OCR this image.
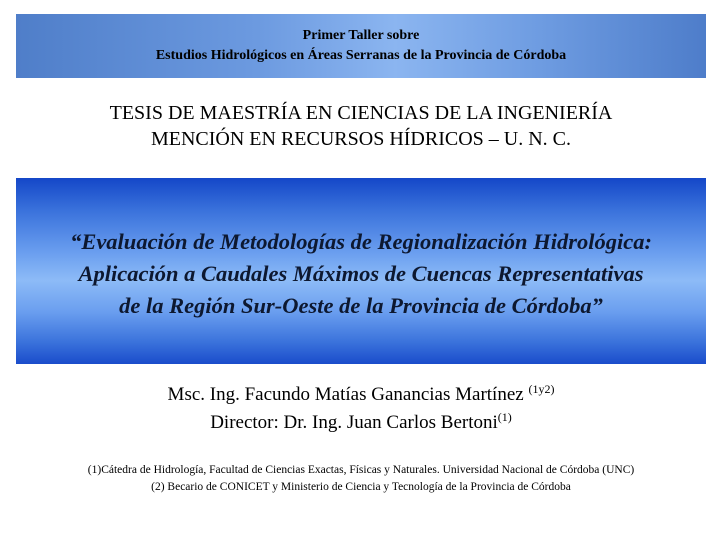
Primer Taller sobre
Estudios Hidrológicos en Áreas Serranas de la Provincia de Córdoba
TESIS DE MAESTRÍA EN CIENCIAS DE LA INGENIERÍA
MENCIÓN EN RECURSOS HÍDRICOS – U. N. C.
“Evaluación de Metodologías de Regionalización Hidrológica:
Aplicación a Caudales Máximos de Cuencas Representativas
de la Región Sur-Oeste de la Provincia de Córdoba”
Msc. Ing. Facundo Matías Ganancias Martínez $^{(1y2)}$
Director: Dr. Ing. Juan Carlos Bertoni$^{(1)}$
(1)Cátedra de Hidrología, Facultad de Ciencias Exactas, Físicas y Naturales. Universidad Nacional de Córdoba (UNC)
(2) Becario de CONICET y Ministerio de Ciencia y Tecnología de la Provincia de Córdoba
